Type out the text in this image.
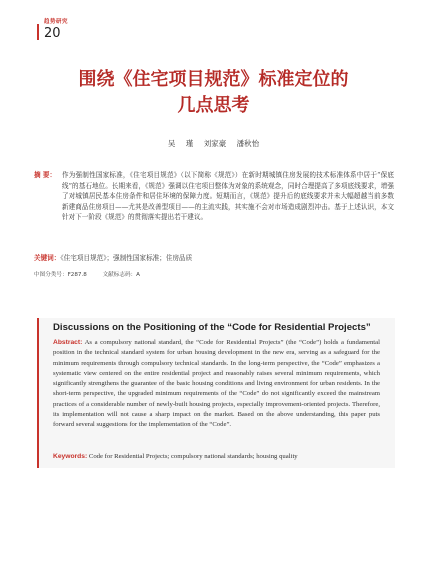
趋势研究
20
围绕《住宅项目规范》标准定位的
几点思考
吴 瑾 刘家豪 潘秋怡
摘 要： 作为强制性国家标准，《住宅项目规范》（以下简称《规范》）在新时期城镇住房发展的技术标准体系中居于“保底线”的基石地位。长期来看，《规范》强调以住宅项目整体为对象的系统观念，同时合理提高了多项底线要求，增强了对城镇居民基本住房条件和居住环境的保障力度。短期而言，《规范》提升后的底线要求并未大幅超越当前多数新建商品住房项目——尤其是改善型项目——的主流实践，其实施不会对市场造成剧烈冲击。基于上述认识，本文针对下一阶段《规范》的贯彻落实提出若干建议。
关键词：《住宅项目规范》；强制性国家标准；住房品质
中图分类号：F287.8	文献标志码：A
Discussions on the Positioning of the “Code for Residential Projects”
Abstract: As a compulsory national standard, the “Code for Residential Projects” (the “Code”) holds a fundamental position in the technical standard system for urban housing development in the new era, serving as a safeguard for the minimum requirements through compulsory technical standards. In the long-term perspective, the “Code” emphasizes a systematic view centered on the entire residential project and reasonably raises several minimum requirements, which significantly strengthens the guarantee of the basic housing conditions and living environment for urban residents. In the short-term perspective, the upgraded minimum requirements of the “Code” do not significantly exceed the mainstream practices of a considerable number of newly-built housing projects, especially improvement-oriented projects. Therefore, its implementation will not cause a sharp impact on the market. Based on the above understanding, this paper puts forward several suggestions for the implementation of the “Code”.
Keywords: Code for Residential Projects; compulsory national standards; housing quality
